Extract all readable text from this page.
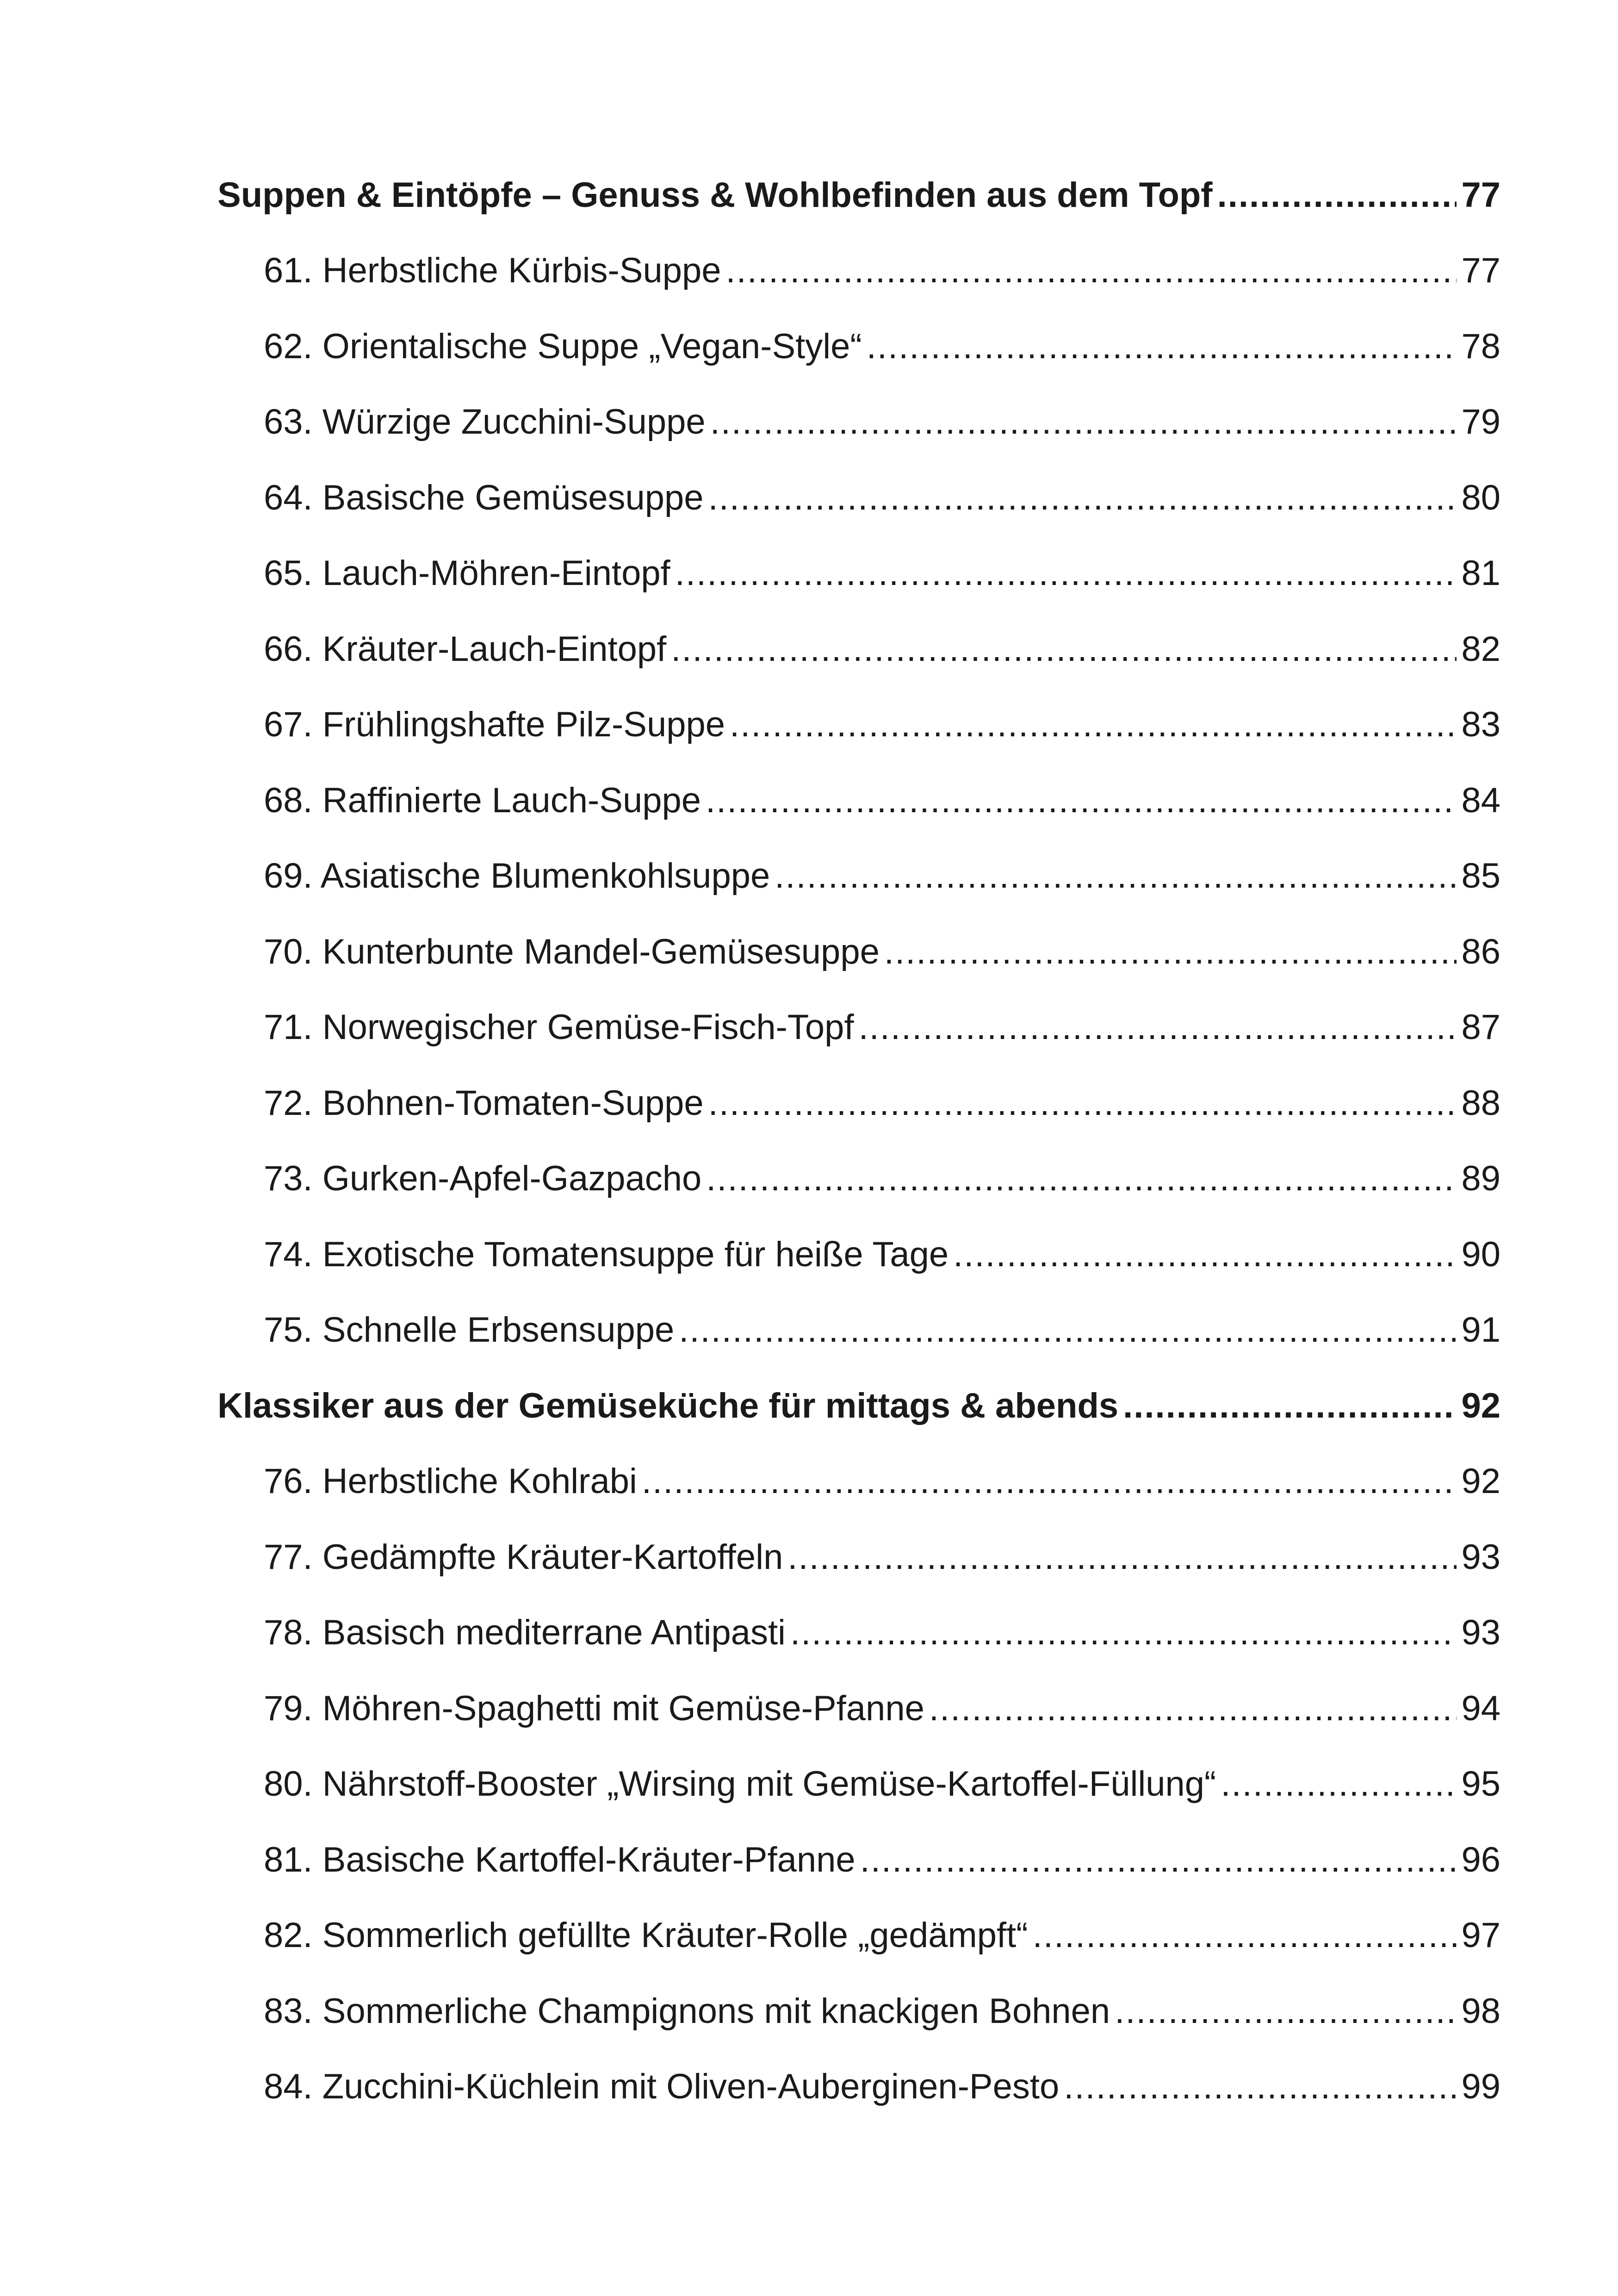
Suppen & Eintöpfe – Genuss & Wohlbefinden aus dem Topf .....	77
61. Herbstliche Kürbis-Suppe .....	77
62. Orientalische Suppe „Vegan-Style“ .....	78
63. Würzige Zucchini-Suppe .....	79
64. Basische Gemüsesuppe .....	80
65. Lauch-Möhren-Eintopf .....	81
66. Kräuter-Lauch-Eintopf .....	82
67. Frühlingshafte Pilz-Suppe .....	83
68. Raffinierte Lauch-Suppe .....	84
69. Asiatische Blumenkohlsuppe .....	85
70. Kunterbunte Mandel-Gemüsesuppe .....	86
71. Norwegischer Gemüse-Fisch-Topf .....	87
72. Bohnen-Tomaten-Suppe .....	88
73. Gurken-Apfel-Gazpacho .....	89
74. Exotische Tomatensuppe für heiße Tage .....	90
75. Schnelle Erbsensuppe .....	91
Klassiker aus der Gemüseküche für mittags & abends .....	92
76. Herbstliche Kohlrabi .....	92
77. Gedämpfte Kräuter-Kartoffeln .....	93
78. Basisch mediterrane Antipasti .....	93
79. Möhren-Spaghetti mit Gemüse-Pfanne .....	94
80. Nährstoff-Booster „Wirsing mit Gemüse-Kartoffel-Füllung“ .....	95
81. Basische Kartoffel-Kräuter-Pfanne .....	96
82. Sommerlich gefüllte Kräuter-Rolle „gedämpft“ .....	97
83. Sommerliche Champignons mit knackigen Bohnen .....	98
84. Zucchini-Küchlein mit Oliven-Auberginen-Pesto .....	99
